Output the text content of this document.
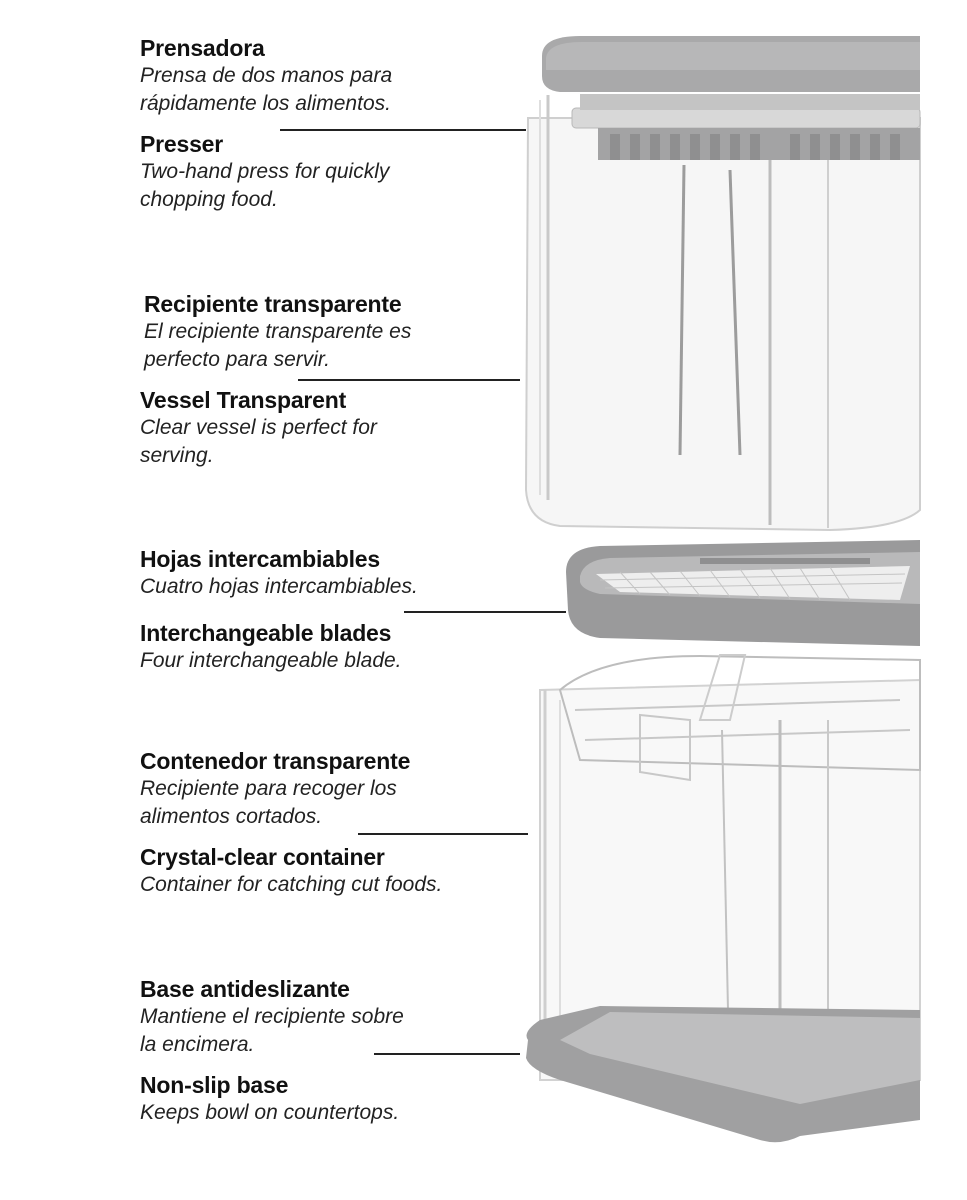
Prensadora
Prensa de dos manos para
rápidamente los alimentos.
Presser
Two-hand press for quickly
chopping food.
Recipiente transparente
El recipiente transparente es
perfecto para servir.
Vessel Transparent
Clear vessel is perfect for
serving.
Hojas intercambiables
Cuatro hojas intercambiables.
Interchangeable blades
Four interchangeable blade.
Contenedor transparente
Recipiente para recoger los
alimentos cortados.
Crystal-clear container
Container for catching cut foods.
Base antideslizante
Mantiene el recipiente sobre
la encimera.
Non-slip base
Keeps bowl on countertops.
